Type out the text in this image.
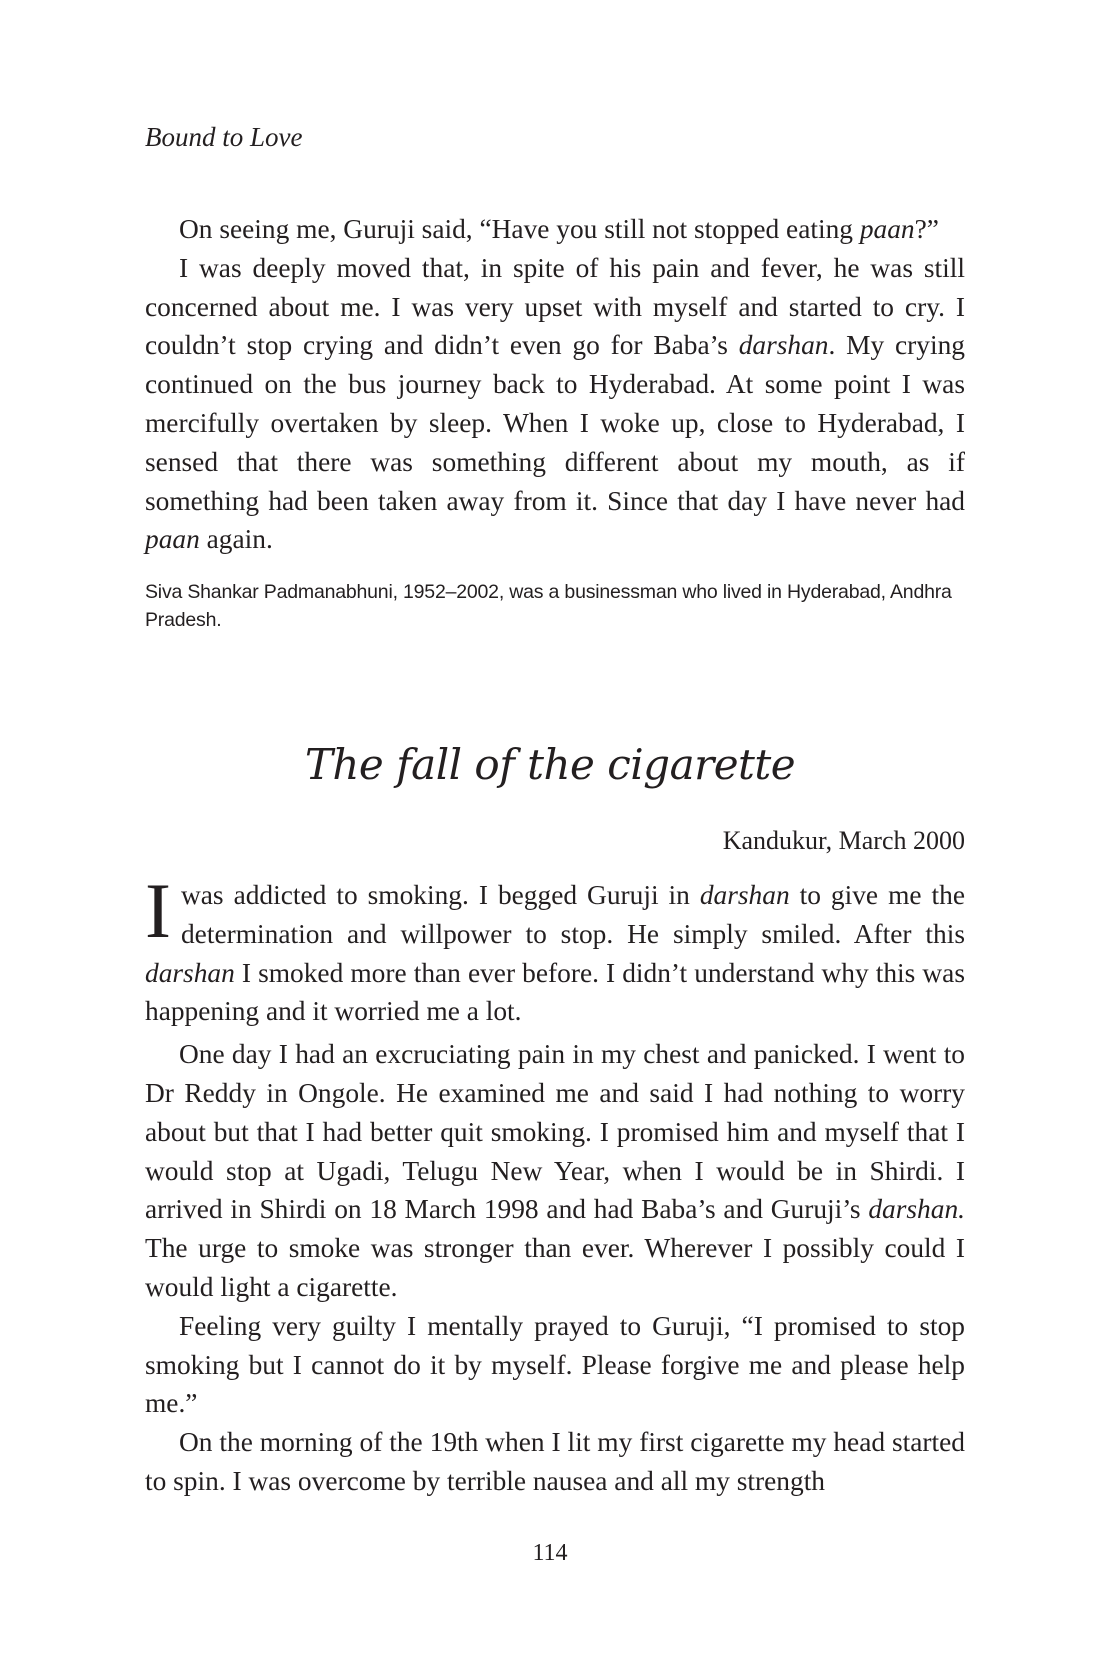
Bound to Love

On seeing me, Guruji said, “Have you still not stopped eating paan?”

I was deeply moved that, in spite of his pain and fever, he was still concerned about me. I was very upset with myself and started to cry. I couldn’t stop crying and didn’t even go for Baba’s darshan. My crying continued on the bus journey back to Hyderabad. At some point I was mercifully overtaken by sleep. When I woke up, close to Hyderabad, I sensed that there was something different about my mouth, as if something had been taken away from it. Since that day I have never had paan again.

Siva Shankar Padmanabhuni, 1952–2002, was a businessman who lived in Hyderabad, Andhra Pradesh.
The fall of the cigarette
Kandukur, March 2000

Iwas addicted to smoking. I begged Guruji in darshan to give me the determination and willpower to stop. He simply smiled. After this darshan I smoked more than ever before. I didn’t understand why this was happening and it worried me a lot.

One day I had an excruciating pain in my chest and panicked. I went to Dr Reddy in Ongole. He examined me and said I had nothing to worry about but that I had better quit smoking. I promised him and myself that I would stop at Ugadi, Telugu New Year, when I would be in Shirdi. I arrived in Shirdi on 18 March 1998 and had Baba’s and Guruji’s darshan. The urge to smoke was stronger than ever. Wherever I possibly could I would light a cigarette.

Feeling very guilty I mentally prayed to Guruji, “I promised to stop smoking but I cannot do it by myself. Please forgive me and please help me.”

On the morning of the 19th when I lit my first cigarette my head started to spin. I was overcome by terrible nausea and all my strength

114
